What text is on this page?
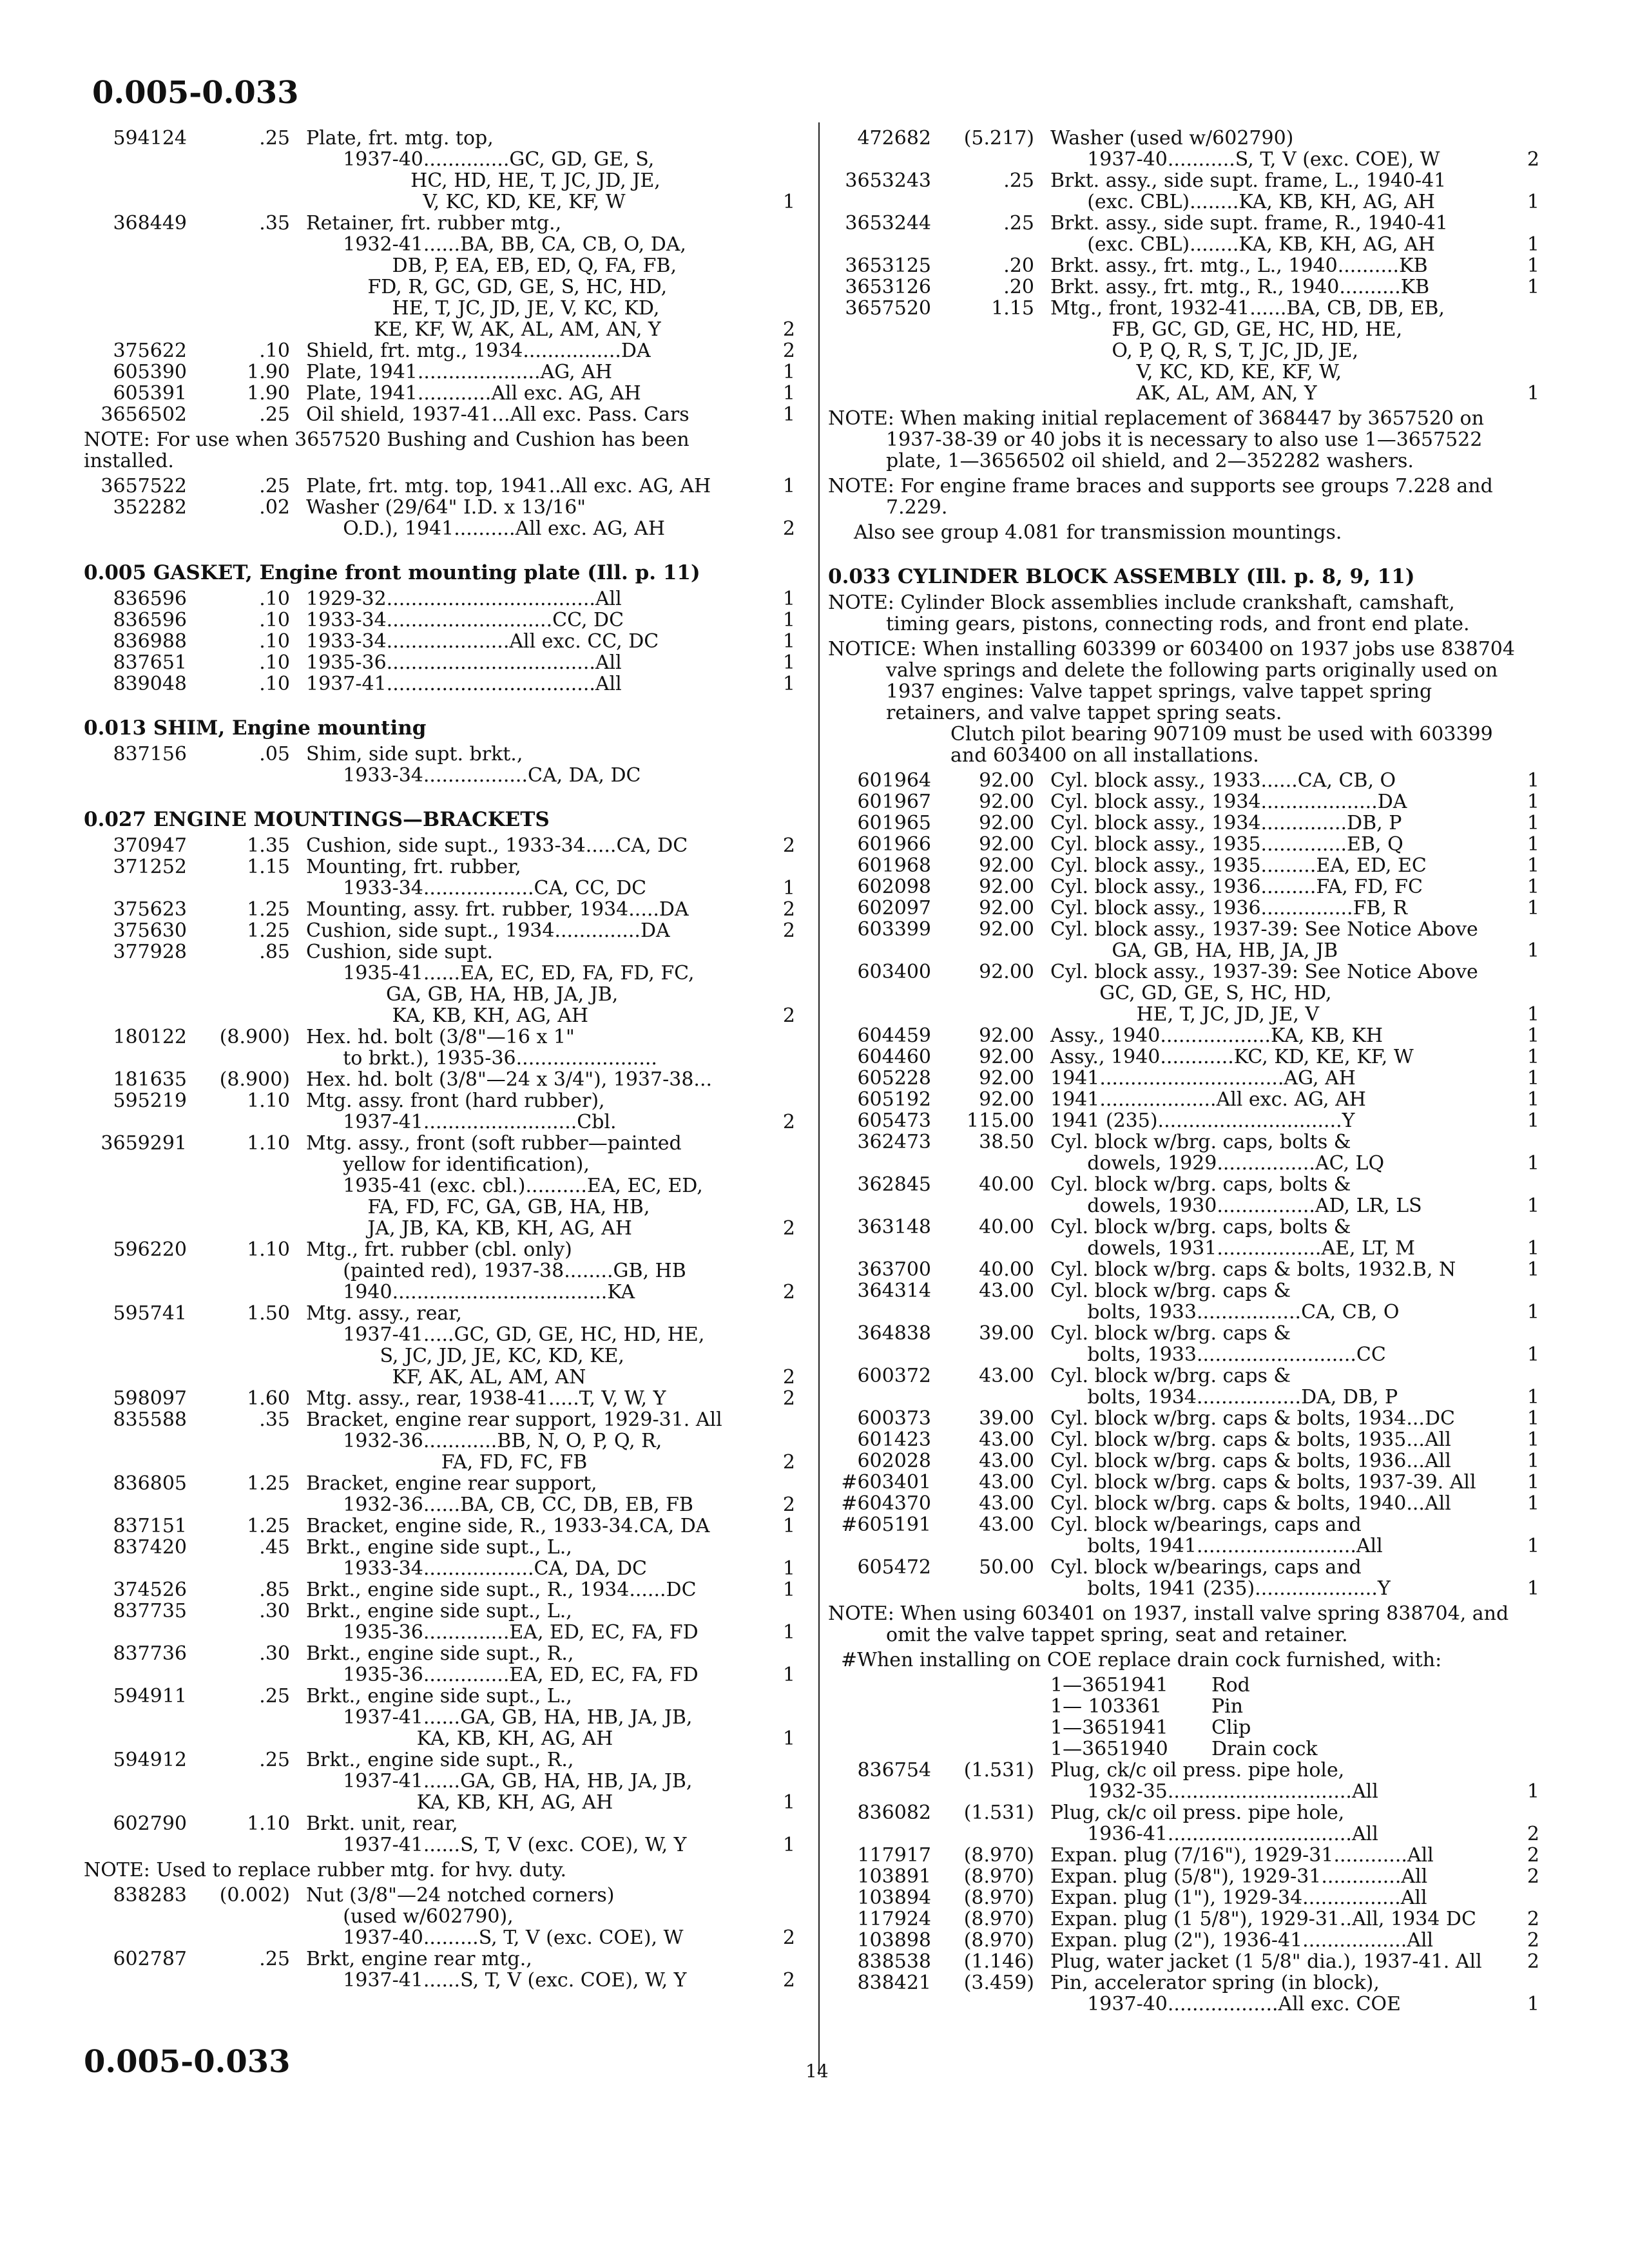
0.005-0.033
594124	.25 Plate, frt. mtg. top,
1937-40..............GC, GD, GE, S,
HC, HD, HE, T, JC, JD, JE,
V, KC, KD, KE, KF, W	1
368449	.35 Retainer, frt. rubber mtg.,
1932-41......BA, BB, CA, CB, O, DA,
DB, P, EA, EB, ED, Q, FA, FB,
FD, R, GC, GD, GE, S, HC, HD,
HE, T, JC, JD, JE, V, KC, KD,
KE, KF, W, AK, AL, AM, AN, Y	2
375622	.10 Shield, frt. mtg., 1934................DA	2
605390	1.90 Plate, 1941....................AG, AH	1
605391	1.90 Plate, 1941............All exc. AG, AH	1
3656502	.25 Oil shield, 1937-41...All exc. Pass. Cars	1
NOTE: For use when 3657520 Bushing and Cushion has been installed.
3657522	.25 Plate, frt. mtg. top, 1941..All exc. AG, AH	1
352282	.02 Washer (29/64" I.D. x 13/16"
O.D.), 1941..........All exc. AG, AH	2
0.005 GASKET, Engine front mounting plate (Ill. p. 11)
836596	.10 1929-32..................................All	1
836596	.10 1933-34...........................CC, DC	1
836988	.10 1933-34....................All exc. CC, DC	1
837651	.10 1935-36..................................All	1
839048	.10 1937-41..................................All	1
0.013 SHIM, Engine mounting
837156	.05 Shim, side supt. brkt.,
1933-34.................CA, DA, DC
0.027 ENGINE MOUNTINGS—BRACKETS
370947	1.35 Cushion, side supt., 1933-34.....CA, DC	2
371252	1.15 Mounting, frt. rubber,
1933-34..................CA, CC, DC	1
375623	1.25 Mounting, assy. frt. rubber, 1934.....DA	2
375630	1.25 Cushion, side supt., 1934..............DA	2
377928	.85 Cushion, side supt.
1935-41......EA, EC, ED, FA, FD, FC,
GA, GB, HA, HB, JA, JB,
KA, KB, KH, AG, AH	2
180122	(8.900) Hex. hd. bolt (3/8"—16 x 1"
to brkt.), 1935-36.......................
181635	(8.900) Hex. hd. bolt (3/8"—24 x 3/4"), 1937-38...
595219	1.10 Mtg. assy. front (hard rubber),
1937-41.........................Cbl.	2
3659291	1.10 Mtg. assy., front (soft rubber—painted
yellow for identification),
1935-41 (exc. cbl.)..........EA, EC, ED,
FA, FD, FC, GA, GB, HA, HB,
JA, JB, KA, KB, KH, AG, AH	2
596220	1.10 Mtg., frt. rubber (cbl. only)
(painted red), 1937-38........GB, HB
1940...................................KA	2
595741	1.50 Mtg. assy., rear,
1937-41.....GC, GD, GE, HC, HD, HE,
S, JC, JD, JE, KC, KD, KE,
KF, AK, AL, AM, AN	2
598097	1.60 Mtg. assy., rear, 1938-41.....T, V, W, Y	2
835588	.35 Bracket, engine rear support, 1929-31. All
1932-36............BB, N, O, P, Q, R,
FA, FD, FC, FB	2
836805	1.25 Bracket, engine rear support,
1932-36......BA, CB, CC, DB, EB, FB	2
837151	1.25 Bracket, engine side, R., 1933-34.CA, DA	1
837420	.45 Brkt., engine side supt., L.,
1933-34..................CA, DA, DC	1
374526	.85 Brkt., engine side supt., R., 1934......DC	1
837735	.30 Brkt., engine side supt., L.,
1935-36..............EA, ED, EC, FA, FD	1
837736	.30 Brkt., engine side supt., R.,
1935-36..............EA, ED, EC, FA, FD	1
594911	.25 Brkt., engine side supt., L.,
1937-41......GA, GB, HA, HB, JA, JB,
KA, KB, KH, AG, AH	1
594912	.25 Brkt., engine side supt., R.,
1937-41......GA, GB, HA, HB, JA, JB,
KA, KB, KH, AG, AH	1
602790	1.10 Brkt. unit, rear,
1937-41......S, T, V (exc. COE), W, Y	1
NOTE: Used to replace rubber mtg. for hvy. duty.
838283	(0.002) Nut (3/8"—24 notched corners)
(used w/602790),
1937-40.........S, T, V (exc. COE), W	2
602787	.25 Brkt, engine rear mtg.,
1937-41......S, T, V (exc. COE), W, Y	2
472682	(5.217) Washer (used w/602790)
1937-40...........S, T, V (exc. COE), W	2
3653243	.25 Brkt. assy., side supt. frame, L., 1940-41
(exc. CBL)........KA, KB, KH, AG, AH	1
3653244	.25 Brkt. assy., side supt. frame, R., 1940-41
(exc. CBL)........KA, KB, KH, AG, AH	1
3653125	.20 Brkt. assy., frt. mtg., L., 1940..........KB	1
3653126	.20 Brkt. assy., frt. mtg., R., 1940..........KB	1
3657520	1.15 Mtg., front, 1932-41......BA, CB, DB, EB,
FB, GC, GD, GE, HC, HD, HE,
O, P, Q, R, S, T, JC, JD, JE,
V, KC, KD, KE, KF, W,
AK, AL, AM, AN, Y	1
NOTE: When making initial replacement of 368447 by 3657520 on 1937-38-39 or 40 jobs it is necessary to also use 1—3657522 plate, 1—3656502 oil shield, and 2—352282 washers.
NOTE: For engine frame braces and supports see groups 7.228 and 7.229.
Also see group 4.081 for transmission mountings.
0.033 CYLINDER BLOCK ASSEMBLY (Ill. p. 8, 9, 11)
NOTE: Cylinder Block assemblies include crankshaft, camshaft, timing gears, pistons, connecting rods, and front end plate.
NOTICE: When installing 603399 or 603400 on 1937 jobs use 838704 valve springs and delete the following parts originally used on 1937 engines: Valve tappet springs, valve tappet spring retainers, and valve tappet spring seats.
Clutch pilot bearing 907109 must be used with 603399 and 603400 on all installations.
601964	92.00 Cyl. block assy., 1933......CA, CB, O	1
601967	92.00 Cyl. block assy., 1934...................DA	1
601965	92.00 Cyl. block assy., 1934..............DB, P	1
601966	92.00 Cyl. block assy., 1935..............EB, Q	1
601968	92.00 Cyl. block assy., 1935.........EA, ED, EC	1
602098	92.00 Cyl. block assy., 1936.........FA, FD, FC	1
602097	92.00 Cyl. block assy., 1936...............FB, R	1
603399	92.00 Cyl. block assy., 1937-39: See Notice Above
GA, GB, HA, HB, JA, JB	1
603400	92.00 Cyl. block assy., 1937-39: See Notice Above
GC, GD, GE, S, HC, HD,
HE, T, JC, JD, JE, V	1
604459	92.00 Assy., 1940..................KA, KB, KH	1
604460	92.00 Assy., 1940............KC, KD, KE, KF, W	1
605228	92.00 1941..............................AG, AH	1
605192	92.00 1941...................All exc. AG, AH	1
605473	115.00 1941 (235)..............................Y	1
362473	38.50 Cyl. block w/brg. caps, bolts &
dowels, 1929................AC, LQ	1
362845	40.00 Cyl. block w/brg. caps, bolts &
dowels, 1930................AD, LR, LS	1
363148	40.00 Cyl. block w/brg. caps, bolts &
dowels, 1931.................AE, LT, M	1
363700	40.00 Cyl. block w/brg. caps & bolts, 1932.B, N	1
364314	43.00 Cyl. block w/brg. caps &
bolts, 1933.................CA, CB, O	1
364838	39.00 Cyl. block w/brg. caps &
bolts, 1933..........................CC	1
600372	43.00 Cyl. block w/brg. caps &
bolts, 1934.................DA, DB, P	1
600373	39.00 Cyl. block w/brg. caps & bolts, 1934...DC	1
601423	43.00 Cyl. block w/brg. caps & bolts, 1935...All	1
602028	43.00 Cyl. block w/brg. caps & bolts, 1936...All	1
#603401	43.00 Cyl. block w/brg. caps & bolts, 1937-39. All	1
#604370	43.00 Cyl. block w/brg. caps & bolts, 1940...All	1
#605191	43.00 Cyl. block w/bearings, caps and
bolts, 1941..........................All	1
605472	50.00 Cyl. block w/bearings, caps and
bolts, 1941 (235)....................Y	1
NOTE: When using 603401 on 1937, install valve spring 838704, and omit the valve tappet spring, seat and retainer.
#When installing on COE replace drain cock furnished, with:
1—3651941 Rod
1— 103361	Pin
1—3651941 Clip
1—3651940 Drain cock
836754	(1.531) Plug, ck/c oil press. pipe hole,
1932-35..............................All	1
836082	(1.531) Plug, ck/c oil press. pipe hole,
1936-41..............................All	2
117917	(8.970) Expan. plug (7/16"), 1929-31............All	2
103891	(8.970) Expan. plug (5/8"), 1929-31.............All	2
103894	(8.970) Expan. plug (1"), 1929-34................All
117924	(8.970) Expan. plug (1 5/8"), 1929-31..All, 1934 DC	2
103898	(8.970) Expan. plug (2"), 1936-41.................All	2
838538	(1.146) Plug, water jacket (1 5/8" dia.), 1937-41. All	2
838421	(3.459) Pin, accelerator spring (in block),
1937-40..................All exc. COE	1
0.005-0.033	14
